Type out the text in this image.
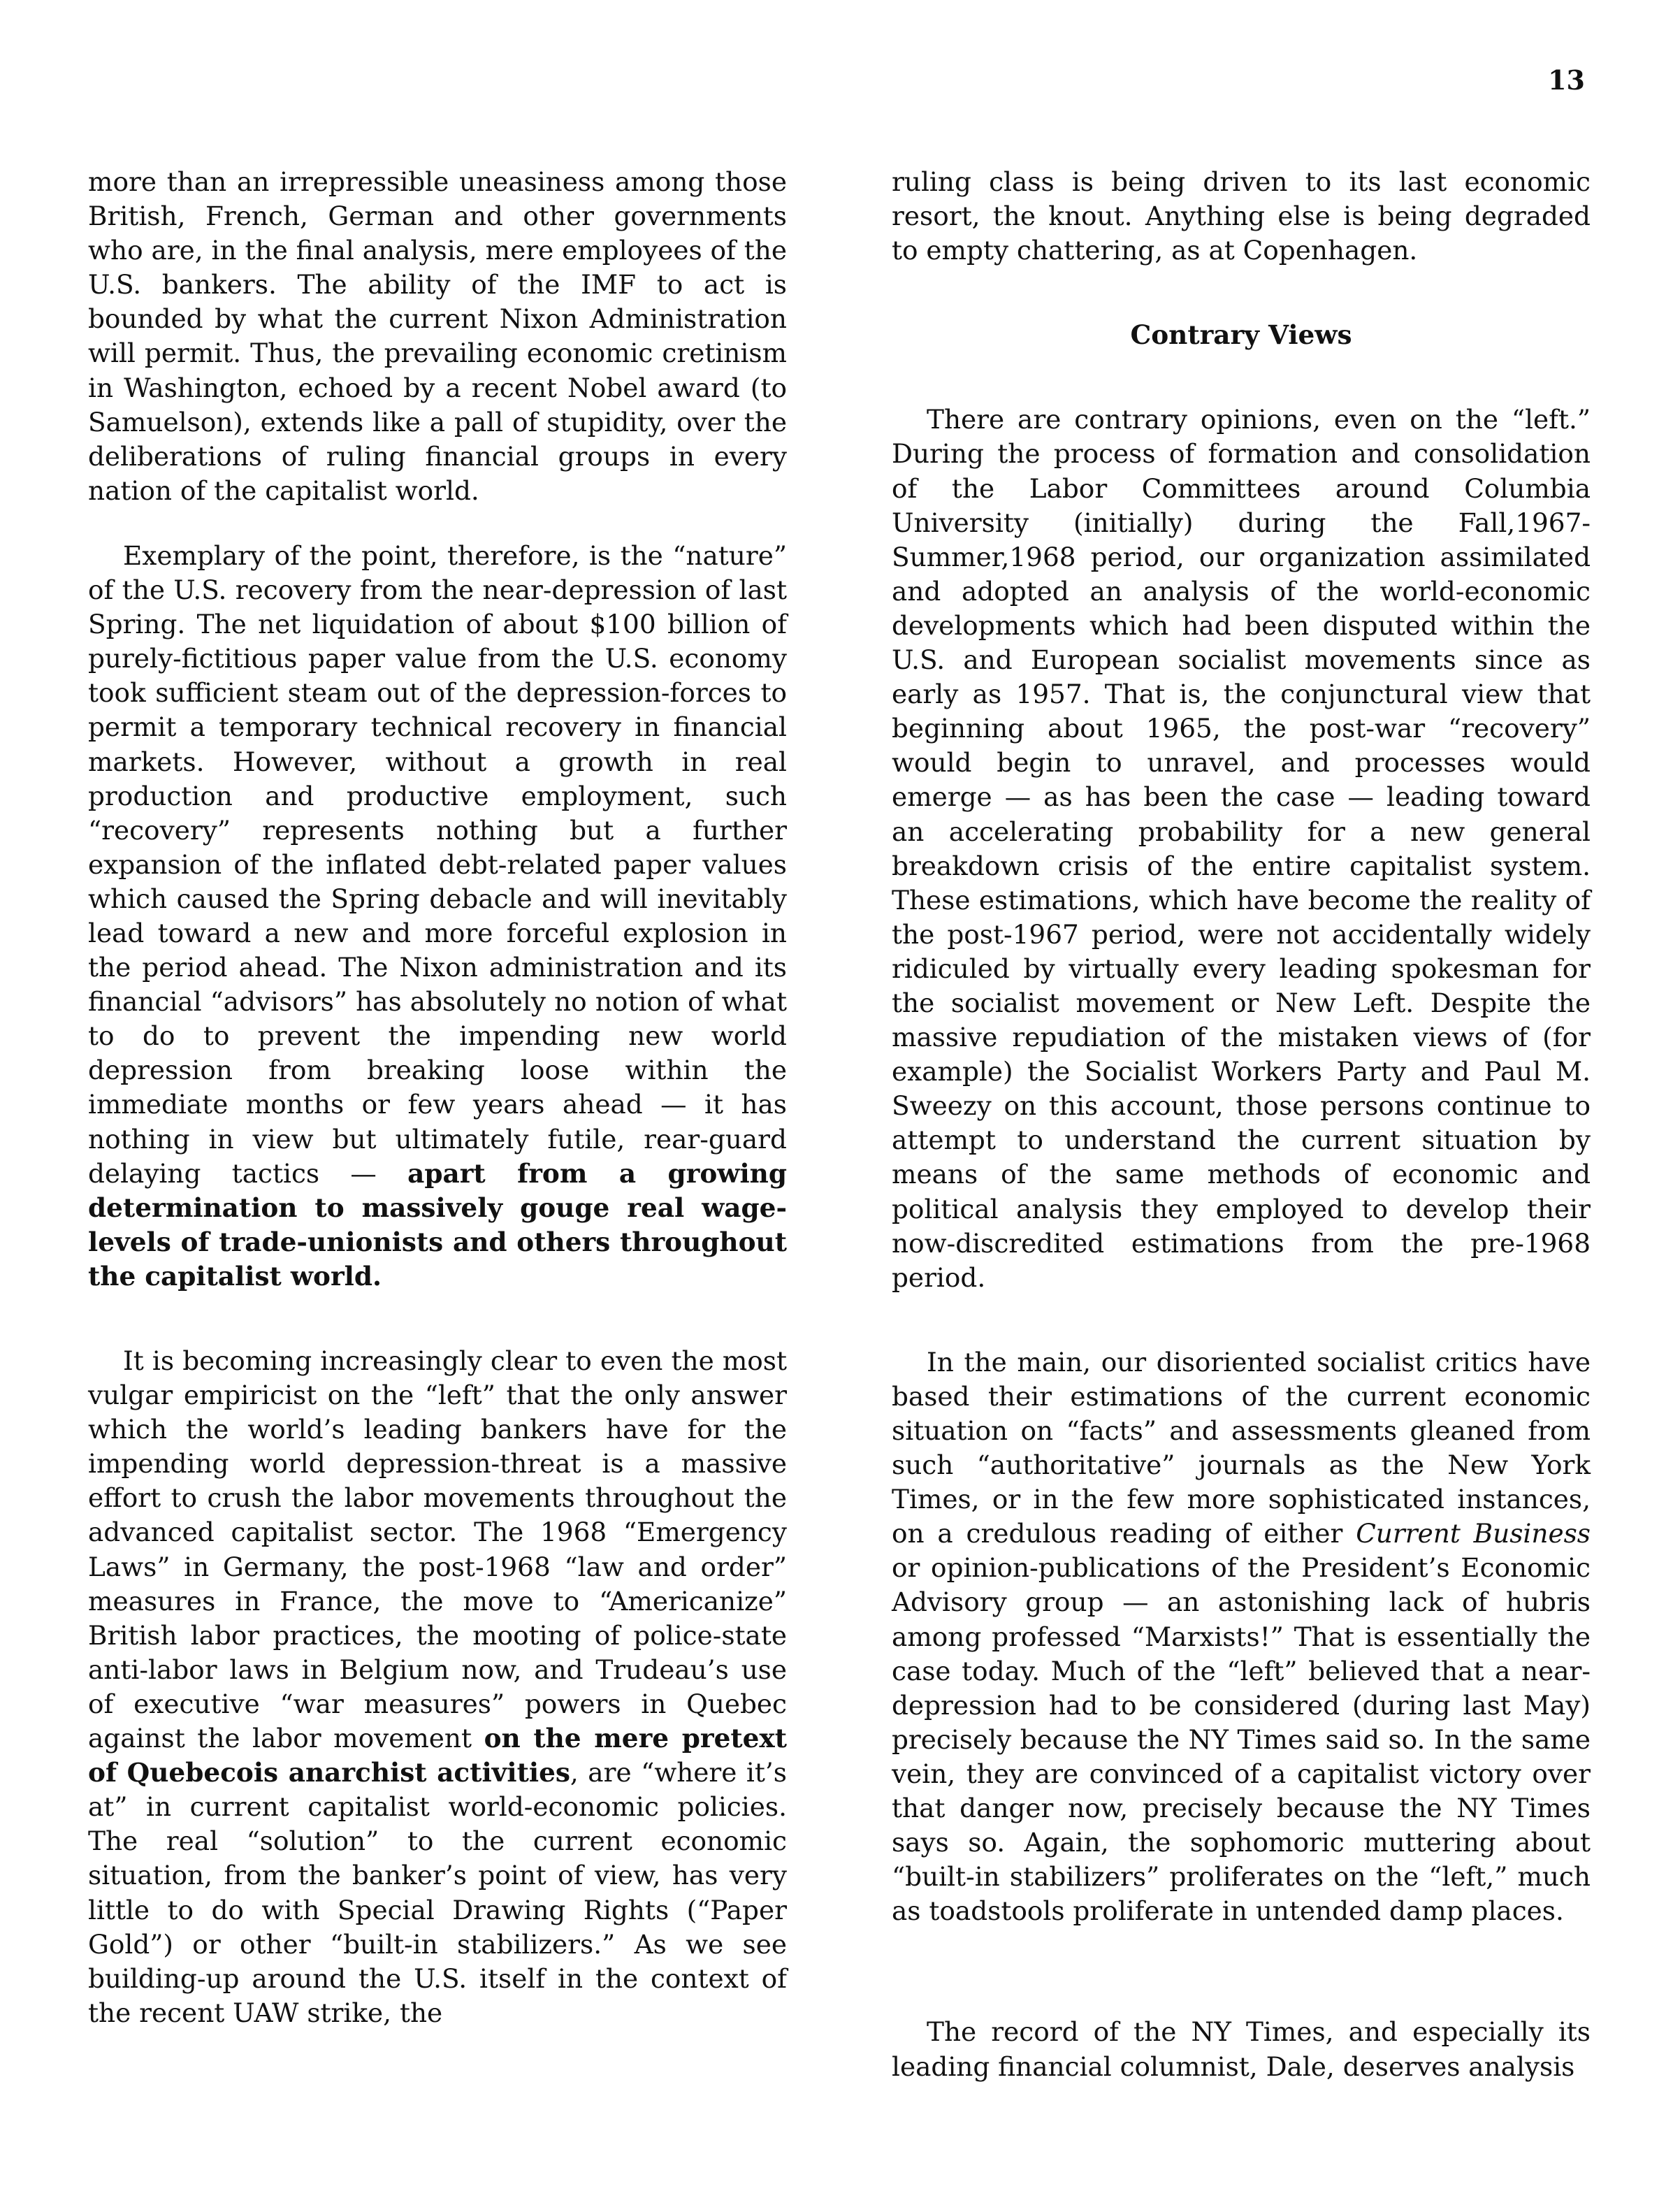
13

more than an irrepressible uneasiness among those British, French, German and other governments who are, in the final analysis, mere employees of the U.S. bankers. The ability of the IMF to act is bounded by what the current Nixon Administration will permit. Thus, the prevailing economic cretinism in Washington, echoed by a recent Nobel award (to Samuelson), extends like a pall of stupidity, over the deliberations of ruling financial groups in every nation of the capitalist world.

Exemplary of the point, therefore, is the “nature” of the U.S. recovery from the near-depression of last Spring. The net liquidation of about $100 billion of purely-fictitious paper value from the U.S. economy took sufficient steam out of the depression-forces to permit a temporary technical recovery in financial markets. However, without a growth in real production and productive employment, such “recovery” represents nothing but a further expansion of the inflated debt-related paper values which caused the Spring debacle and will inevitably lead toward a new and more forceful explosion in the period ahead. The Nixon administration and its financial “advisors” has absolutely no notion of what to do to prevent the impending new world depression from breaking loose within the immediate months or few years ahead — it has nothing in view but ultimately futile, rear-guard delaying tactics — apart from a growing determination to massively gouge real wage-levels of trade-unionists and others throughout the capitalist world.

It is becoming increasingly clear to even the most vulgar empiricist on the “left” that the only answer which the world’s leading bankers have for the impending world depression-threat is a massive effort to crush the labor movements throughout the advanced capitalist sector. The 1968 “Emergency Laws” in Germany, the post-1968 “law and order” measures in France, the move to “Americanize” British labor practices, the mooting of police-state anti-labor laws in Belgium now, and Trudeau’s use of executive “war measures” powers in Quebec against the labor movement on the mere pretext of Quebecois anarchist activities, are “where it’s at” in current capitalist world-economic policies. The real “solution” to the current economic situation, from the banker’s point of view, has very little to do with Special Drawing Rights (“Paper Gold”) or other “built-in stabilizers.” As we see building-up around the U.S. itself in the context of the recent UAW strike, the

ruling class is being driven to its last economic resort, the knout. Anything else is being degraded to empty chattering, as at Copenhagen.

Contrary Views

There are contrary opinions, even on the “left.” During the process of formation and consolidation of the Labor Committees around Columbia University (initially) during the Fall,1967-Summer,1968 period, our organization assimilated and adopted an analysis of the world-economic developments which had been disputed within the U.S. and European socialist movements since as early as 1957. That is, the conjunctural view that beginning about 1965, the post-war “recovery” would begin to unravel, and processes would emerge — as has been the case — leading toward an accelerating probability for a new general breakdown crisis of the entire capitalist system. These estimations, which have become the reality of the post-1967 period, were not accidentally widely ridiculed by virtually every leading spokesman for the socialist movement or New Left. Despite the massive repudiation of the mistaken views of (for example) the Socialist Workers Party and Paul M. Sweezy on this account, those persons continue to attempt to understand the current situation by means of the same methods of economic and political analysis they employed to develop their now-discredited estimations from the pre-1968 period.

In the main, our disoriented socialist critics have based their estimations of the current economic situation on “facts” and assessments gleaned from such “authoritative” journals as the New York Times, or in the few more sophisticated instances, on a credulous reading of either Current Business or opinion-publications of the President’s Economic Advisory group — an astonishing lack of hubris among professed “Marxists!” That is essentially the case today. Much of the “left” believed that a near-depression had to be considered (during last May) precisely because the NY Times said so. In the same vein, they are convinced of a capitalist victory over that danger now, precisely because the NY Times says so. Again, the sophomoric muttering about “built-in stabilizers” proliferates on the “left,” much as toadstools proliferate in untended damp places.

The record of the NY Times, and especially its leading financial columnist, Dale, deserves analysis
